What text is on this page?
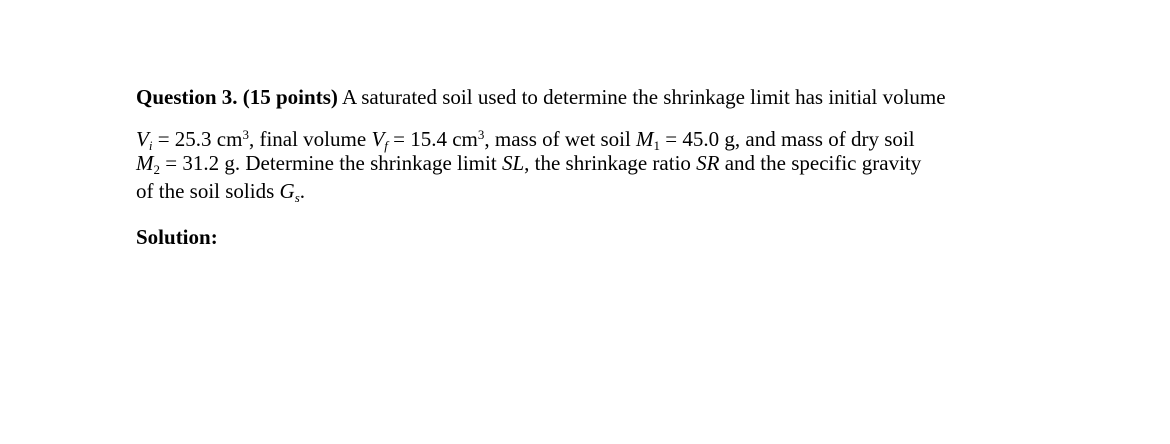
Question 3. (15 points) A saturated soil used to determine the shrinkage limit has initial volume
Vi = 25.3 $cm^3$, final volume Vf = 15.4 $cm^3$, mass of wet soil M1 = 45.0 g, and mass of dry soil
M2 = 31.2 g. Determine the shrinkage limit SL, the shrinkage ratio SR and the specific gravity
of the soil solids Gs.
Solution:
